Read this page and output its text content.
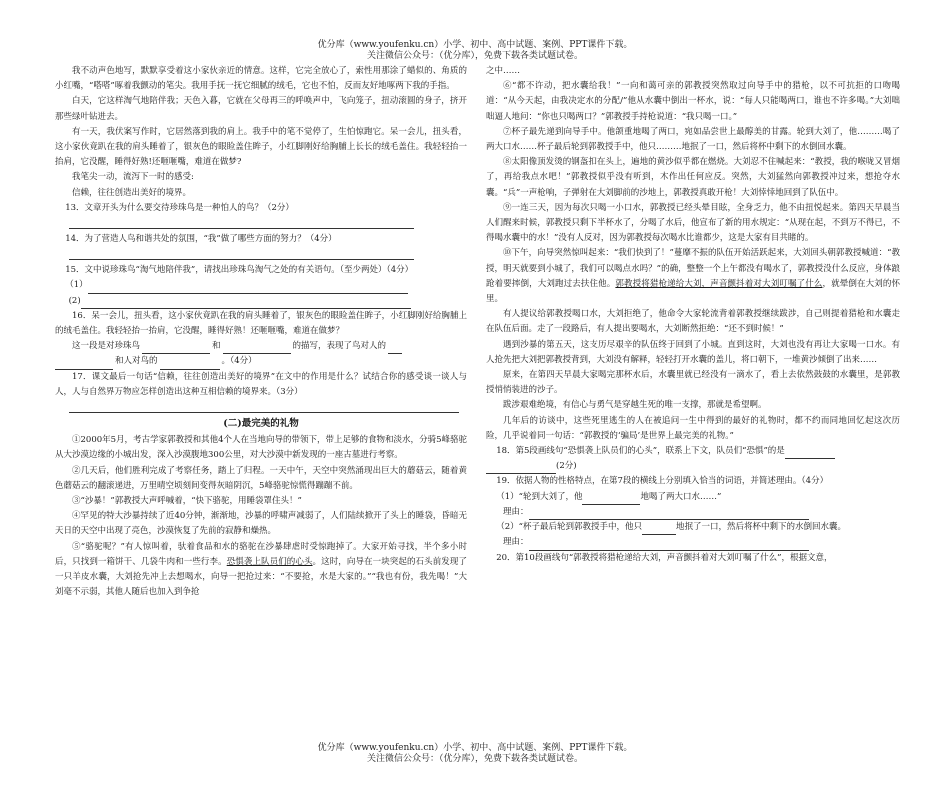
优分库（www.youfenku.cn）小学、初中、高中试题、案例、PPT课件下载。
关注微信公众号：（优分库），免费下载各类试题试卷。

我不动声色地写，默默享受着这小家伙亲近的情意。这样，它完全放心了，索性用那涂了蜡似的、角质的小红嘴，“嗒嗒”啄着我颤动的笔尖。我用手抚一抚它细腻的绒毛，它也不怕，反而友好地啄两下我的手指。

白天，它这样淘气地陪伴我；天色入暮，它就在父母再三的呼唤声中，飞向笼子，扭动滚圆的身子，挤开那些绿叶钻进去。

有一天，我伏案写作时，它居然落到我的肩上。我手中的笔不觉停了，生怕惊跑它。呆一会儿，扭头看，这小家伙竟趴在我的肩头睡着了，银灰色的眼睑盖住眸子，小红脚刚好给胸脯上长长的绒毛盖住。我轻轻抬一抬肩，它没醒，睡得好熟!还咂咂嘴，难道在做梦?

我笔尖一动，流泻下一时的感受:

信赖，往往创造出美好的境界。

13．文章开头为什么要交待珍珠鸟是一种怕人的鸟？（2分）

14．为了营造人鸟和谐共处的氛围，“我”做了哪些方面的努力？（4分）

15．文中说珍珠鸟“淘气地陪伴我”，请找出珍珠鸟淘气之处的有关语句。（至少两处）（4分）

（1）

(2)

16．呆一会儿，扭头看，这小家伙竟趴在我的肩头睡着了，银灰色的眼睑盖住眸子，小红脚刚好给胸脯上的绒毛盖住。我轻轻抬一抬肩，它没醒，睡得好熟！还咂咂嘴，难道在做梦？

这一段是对珍珠鸟	和	的描写，表现了鸟对人的
和人对鸟的	。（4分）

17．课文最后一句话“信赖，往往创造出美好的境界”在文中的作用是什么？试结合你的感受谈一谈人与人，人与自然界万物应怎样创造出这种互相信赖的境界来。（3分）

(二)最完美的礼物

①2000年5月，考古学家郭教授和其他4个人在当地向导的带领下，带上足够的食物和淡水，分骑5峰骆驼从大沙漠边缘的小城出发，深入沙漠腹地300公里，对大沙漠中新发现的一座古墓进行考察。

②几天后，他们胜利完成了考察任务，踏上了归程。一天中午，天空中突然涌现出巨大的蘑菇云，随着黄色蘑菇云的翻滚递进，万里晴空顷刻间变得灰暗阴沉，5峰骆驼惊慌得蹦蹦不前。

③“沙暴！”郭教授大声呼喊着，“快下骆驼，用睡袋罩住头！”

④罕见的特大沙暴持续了近40分钟，渐渐地，沙暴的呼啸声减弱了，人们陆续掀开了头上的睡袋，昏暗无天日的天空中出现了亮色，沙漠恢复了先前的寂静和燥热。

⑤“骆驼呢？”有人惊叫着，驮着食品和水的骆驼在沙暴肆虐时受惊跑掉了。大家开始寻找，半个多小时后，只找到一箱饼干、几袋牛肉和一些行李。恐惧袭上队员们的心头。这时，向导在一块突起的石头前发现了一只羊皮水囊，大刘抢先冲上去想喝水，向导一把抢过来：“不要抢，水是大家的。”“我也有份，我先喝！”大刘毫不示弱，其他人随后也加入到争抢

之中……

⑥“都不许动，把水囊给我！”一向和蔼可亲的郭教授突然取过向导手中的猎枪，以不可抗拒的口吻喝道：“从今天起，由我决定水的分配/”他从水囊中倒出一杯水，说：“每人只能喝两口，谁也不许多喝。”大刘咄咄逼人地问：“你也只喝两口？”郭教授手持枪说道：“我只喝一口。”

⑦杯子最先递到向导手中。他颌重地喝了两口，宛如品尝世上最醇美的甘露。轮到大刘了，他………喝了两大口水……杯子最后轮到郭教授手中，他只………地抿了一口，然后将杯中剩下的水倒回水囊。

⑧太阳像顶发烫的钢盔扣在头上，遍地的黄沙似乎都在燃烧。大刘忍不住喊起来：“教授，我的喉咙又冒烟了，再给我点水吧！”郭教授似乎没有听到，木作出任何应反。突然，大刘猛然向郭教授冲过来，想抢夺水囊。“兵”一声枪响，子弹射在大刘脚前的沙地上，郭教授真敢开枪！大刘悻悻地回到了队伍中。

⑨一连三天，因为每次只喝一小口水，郭教授已经头晕目眩，全身乏力，他不由扭悦起来。第四天早晨当人们醒来时候，郭教授只剩下半杯水了，分喝了水后，他宣布了新的用水规定：“从现在起，不到万不得已，不得喝水囊中的水！”没有人反对，因为郭教授每次喝水比谁都少，这是大家有目共睹的。

⑩下午，向导突然惊叫起来：“我们快到了！”蔓靡不振的队伍开始活跃起来，大刘回头朝郭教授喊道：“教授，明天就要到小城了，我们可以喝点水吗？”的确，整整一个上午都没有喝水了，郭教授没什么反应，身体踉跄着要摔倒，大刘跑过去扶住他。郭教授将猎枪递给大刘，声音颤抖着对大刘叮嘱了什么，就晕倒在大刘的怀里。

有人提议给郭教授喝口水，大刘拒绝了，他命令大家轮流背着郭教授继续跋涉，自己则提着猎枪和水囊走在队伍后面。走了一段路后，有人提出要喝水，大刘断然拒绝：“还不到时候！”

遇到沙暴的第五天，这支历尽艰辛的队伍终于回到了小城。直到这时，大刘也没有再让大家喝一口水。有人抢先把大刘把郭教授背到，大刘没有解释，轻轻打开水囊的盖儿，将口朝下，一堆黄沙倾倒了出来……

原来，在第四天早晨大家喝完那杯水后，水囊里就已经没有一滴水了，看上去依然鼓鼓的水囊里，是郭教授悄悄装进的沙子。

跋涉艰难绝境，有信心与勇气是穿越生死的唯一支撑，那就是希望啊。

几年后的访谈中，这些死里逃生的人在被追问一生中得到的最好的礼物时，都不约而同地回忆起这次历险，几乎说着同一句话：“郭教授的‘骗局’是世界上最完美的礼物。”

18．第5段画线句“恐惧袭上队员们的心头”，联系上下文，队员们“恐惧”的是

(2分)

19．依据人物的性格特点，在第7段的横线上分别填入恰当的词语，并简述理由。（4分）

（1）“轮到大刘了，他	地喝了两大口水……”

理由：

（2）“杯子最后轮到郭教授手中，他只	地抿了一口，然后将杯中剩下的水倒回水囊。

理由：

20．第10段画线句“郭教授将猎枪递给大刘，声音颤抖着对大刘叮嘱了什么”，根据文意，

优分库（www.youfenku.cn）小学、初中、高中试题、案例、PPT课件下载。
关注微信公众号：（优分库），免费下载各类试题试卷。
